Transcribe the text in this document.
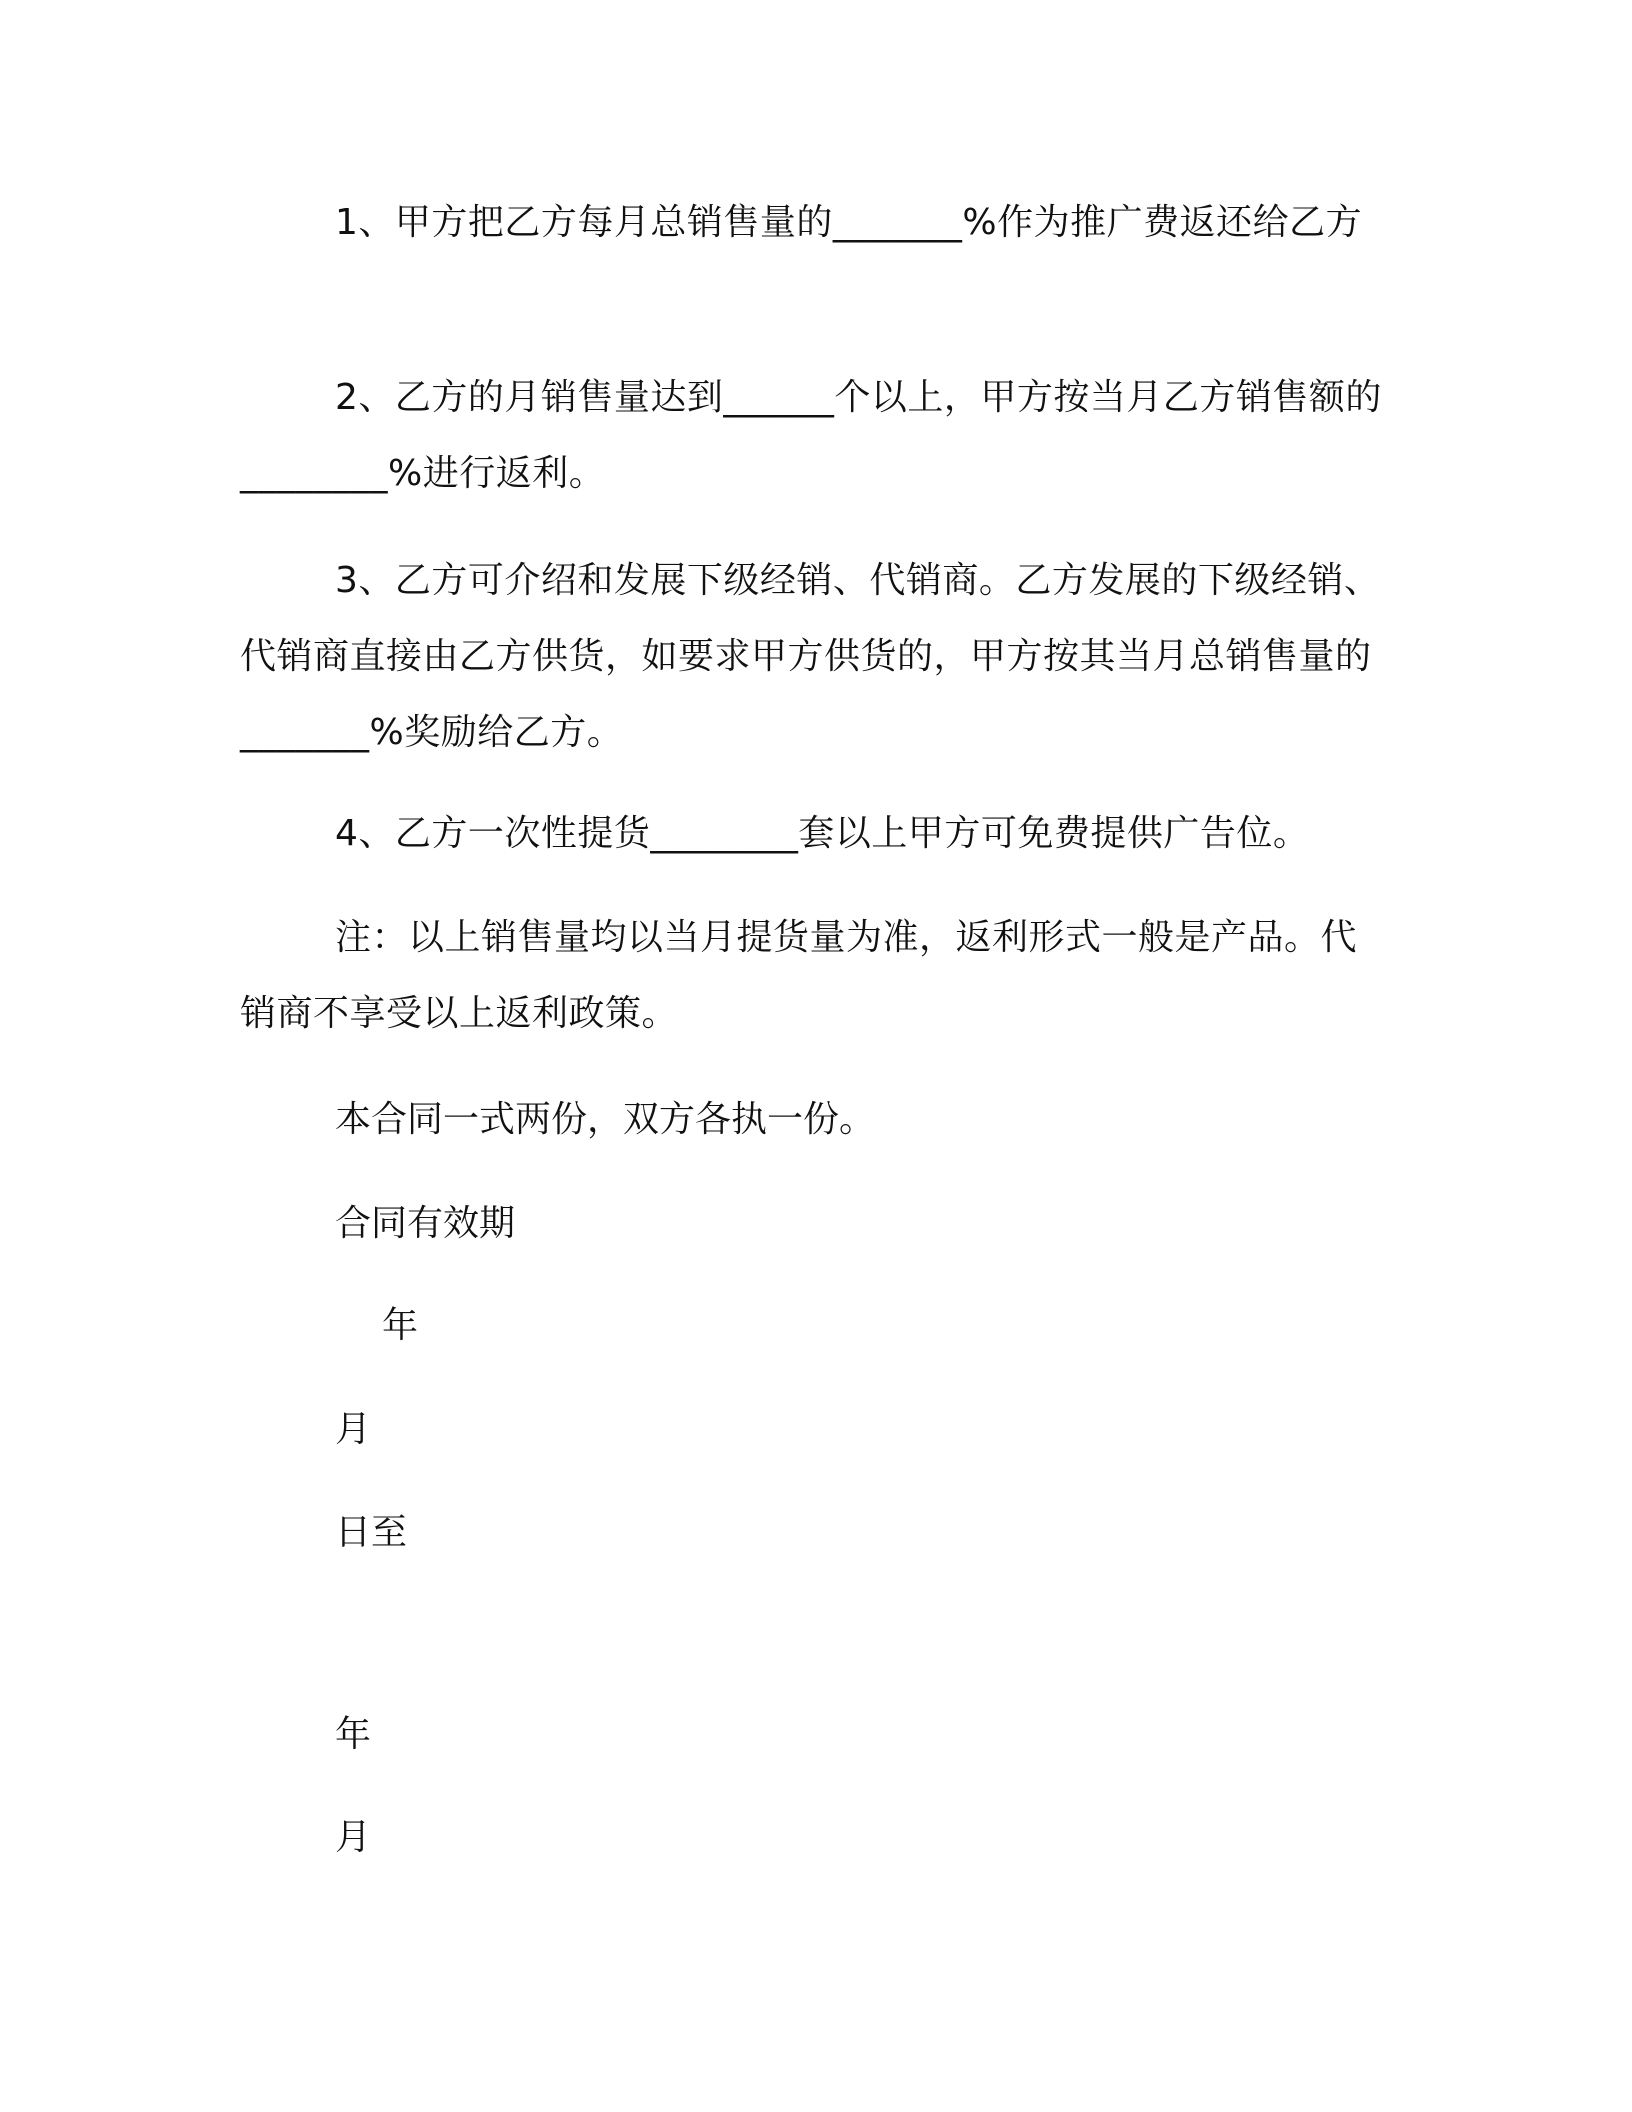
1、甲方把乙方每月总销售量的_______%作为推广费返还给乙方

2、乙方的月销售量达到______个以上，甲方按当月乙方销售额的________%进行返利。

3、乙方可介绍和发展下级经销、代销商。乙方发展的下级经销、代销商直接由乙方供货，如要求甲方供货的，甲方按其当月总销售量的_______%奖励给乙方。

4、乙方一次性提货________套以上甲方可免费提供广告位。

注：以上销售量均以当月提货量为准，返利形式一般是产品。代销商不享受以上返利政策。

本合同一式两份，双方各执一份。

合同有效期

年

月

日至

年

月
